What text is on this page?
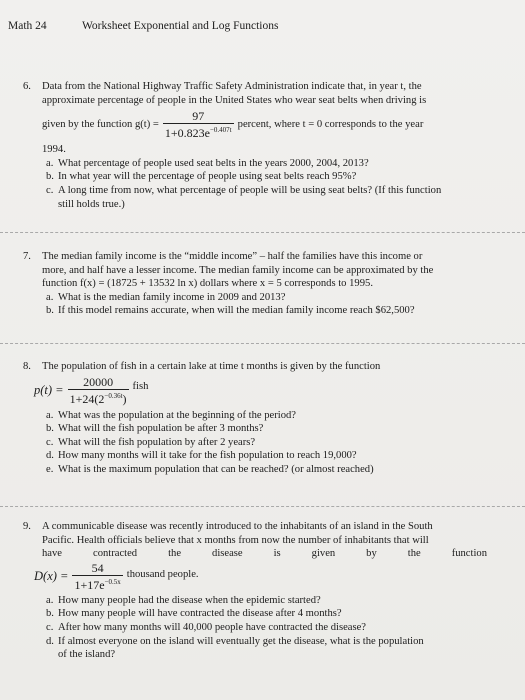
Math 24	Worksheet Exponential and Log Functions
6. Data from the National Highway Traffic Safety Administration indicate that, in year t, the
approximate percentage of people in the United States who wear seat belts when driving is
given by the function $g(t) = \frac{97}{1+0.823e^{-0.407t}}$ percent, where t = 0 corresponds to the year
1994.
a. What percentage of people used seat belts in the years 2000, 2004, 2013?
b. In what year will the percentage of people using seat belts reach 95%?
c. A long time from now, what percentage of people will be using seat belts? (If this function
still holds true.)
7. The median family income is the “middle income” – half the families have this income or
more, and half have a lesser income. The median family income can be approximated by the
function f(x) = (18725 + 13532 ln x) dollars where x = 5 corresponds to 1995.
a. What is the median family income in 2009 and 2013?
b. If this model remains accurate, when will the median family income reach $62,500?
8. The population of fish in a certain lake at time t months is given by the function
$p(t) = \frac{20000}{1+24(2^{-0.36t})}$ fish
a. What was the population at the beginning of the period?
b. What will the fish population be after 3 months?
c. What will the fish population by after 2 years?
d. How many months will it take for the fish population to reach 19,000?
e. What is the maximum population that can be reached? (or almost reached)
9. A communicable disease was recently introduced to the inhabitants of an island in the South
Pacific. Health officials believe that x months from now the number of inhabitants that will
have contracted the disease is given by the function
$D(x) = \frac{54}{1+17e^{-0.5x}}$ thousand people.
a. How many people had the disease when the epidemic started?
b. How many people will have contracted the disease after 4 months?
c. After how many months will 40,000 people have contracted the disease?
d. If almost everyone on the island will eventually get the disease, what is the population
of the island?
